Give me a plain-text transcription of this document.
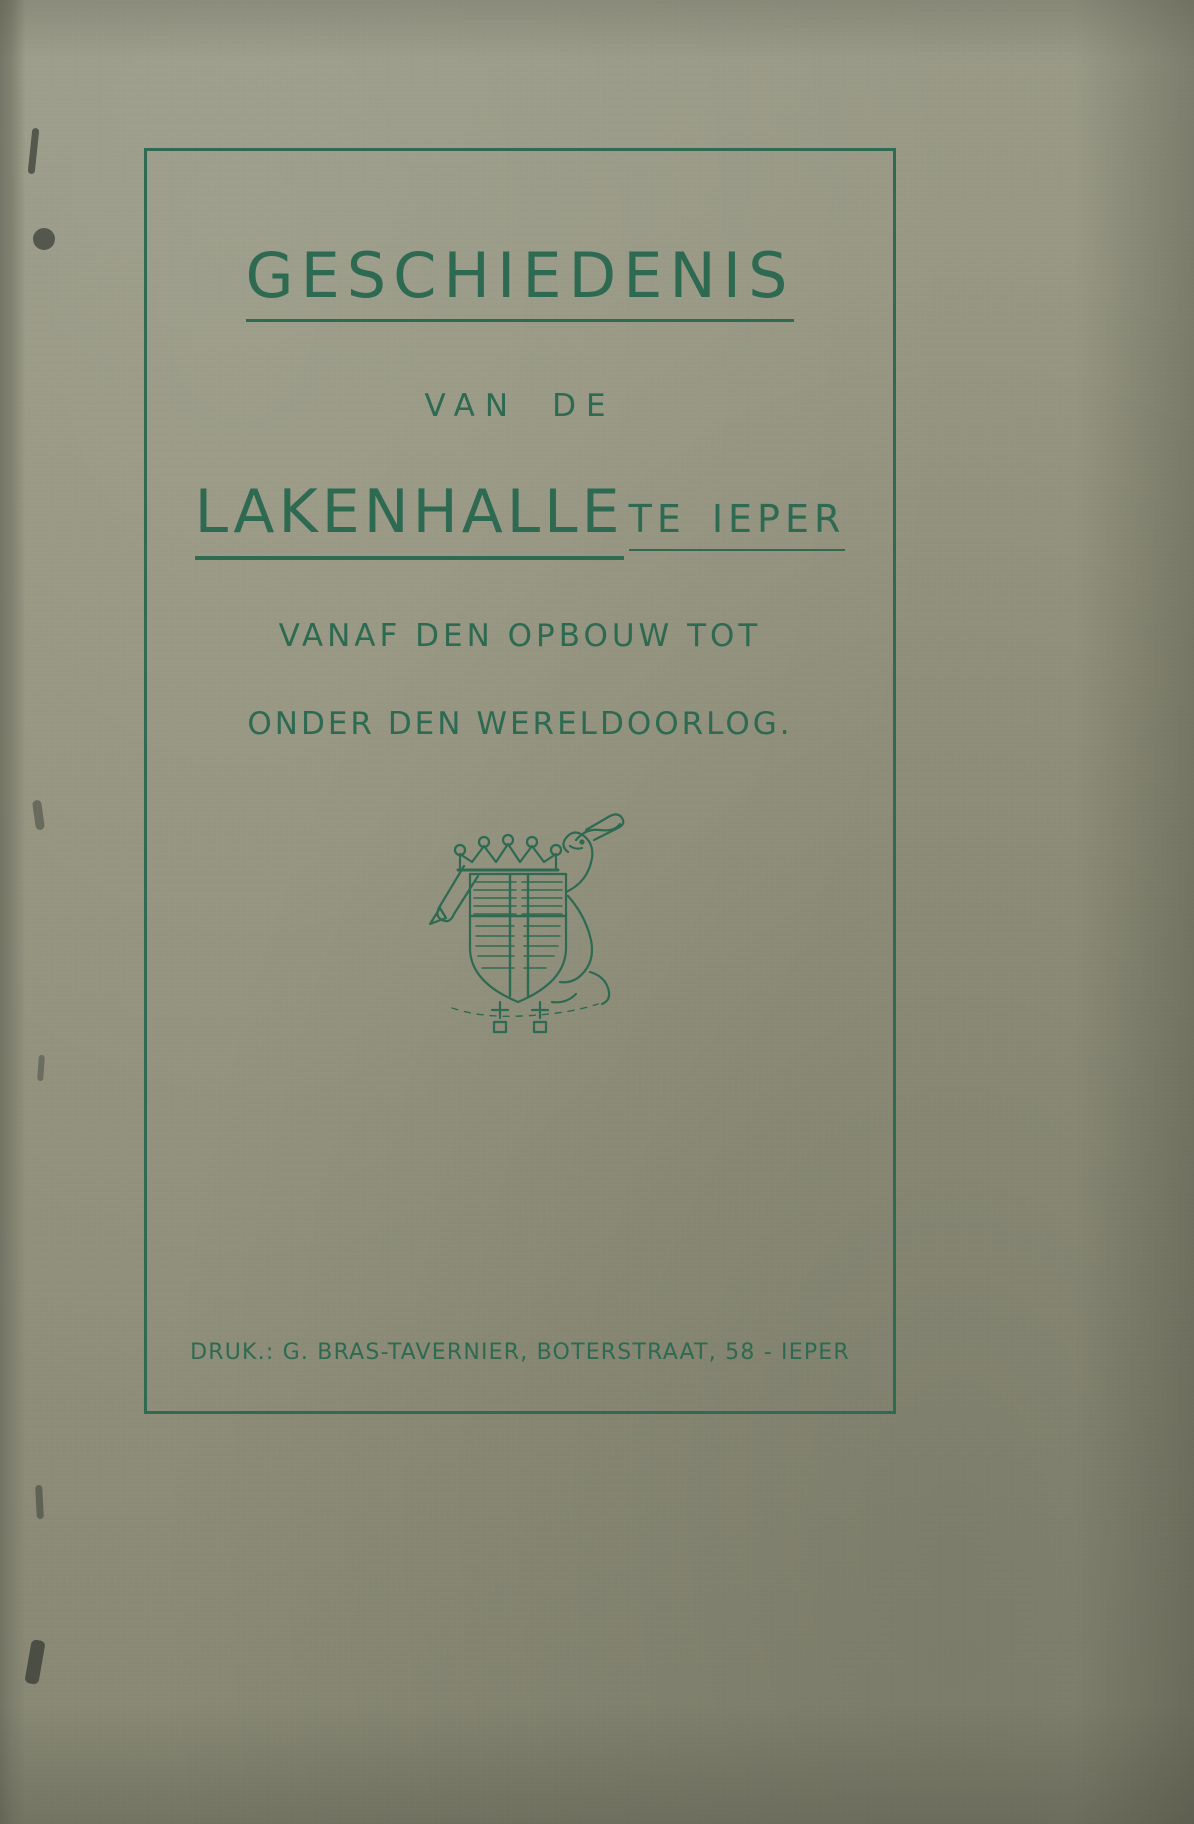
GESCHIEDENIS
VAN DE
LAKENHALLE TE IEPER
VANAF DEN OPBOUW TOT
ONDER DEN WERELDOORLOG.
DRUK.: G. BRAS-TAVERNIER, BOTERSTRAAT, 58 - IEPER
